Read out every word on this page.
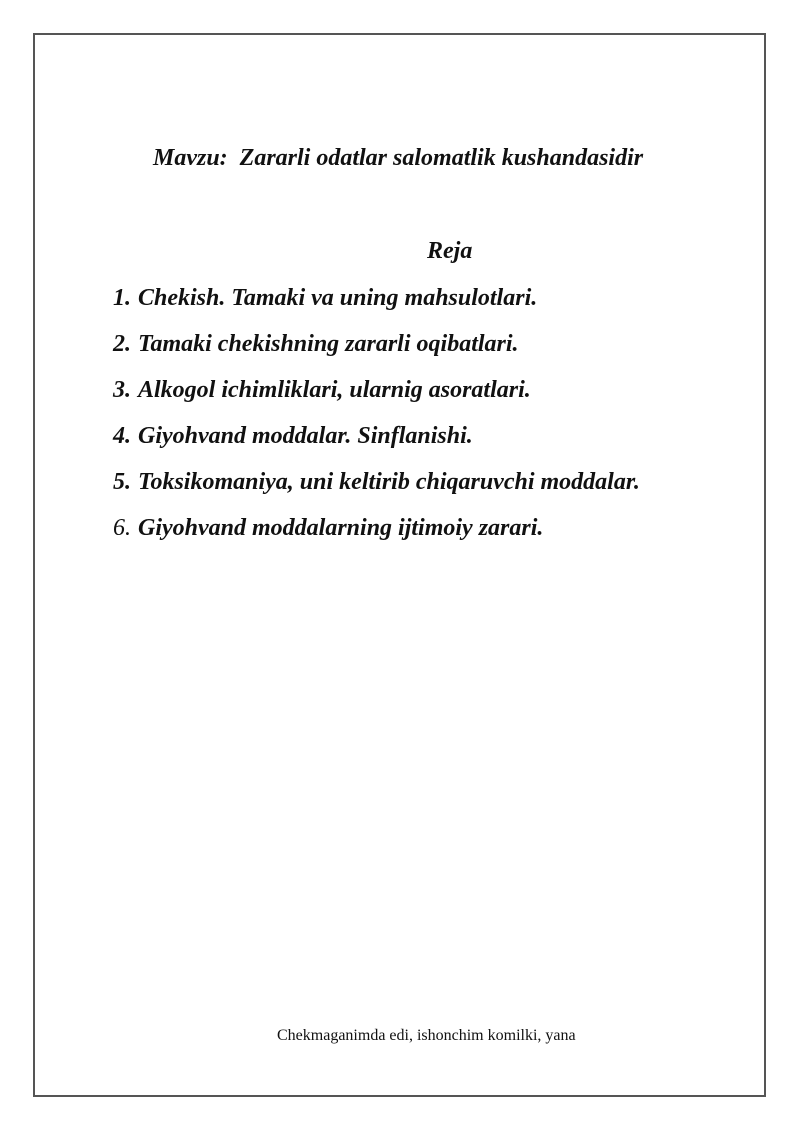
Mavzu:  Zararli odatlar salomatlik kushandasidir
Reja
1. Chekish. Tamaki va uning mahsulotlari.
2. Tamaki chekishning zararli oqibatlari.
3. Alkogol ichimliklari, ularnig asoratlari.
4. Giyohvand moddalar. Sinflanishi.
5. Toksikomaniya, uni keltirib chiqaruvchi moddalar.
6. Giyohvand moddalarning ijtimoiy zarari.
Chekmaganimda edi, ishonchim komilki, yana
